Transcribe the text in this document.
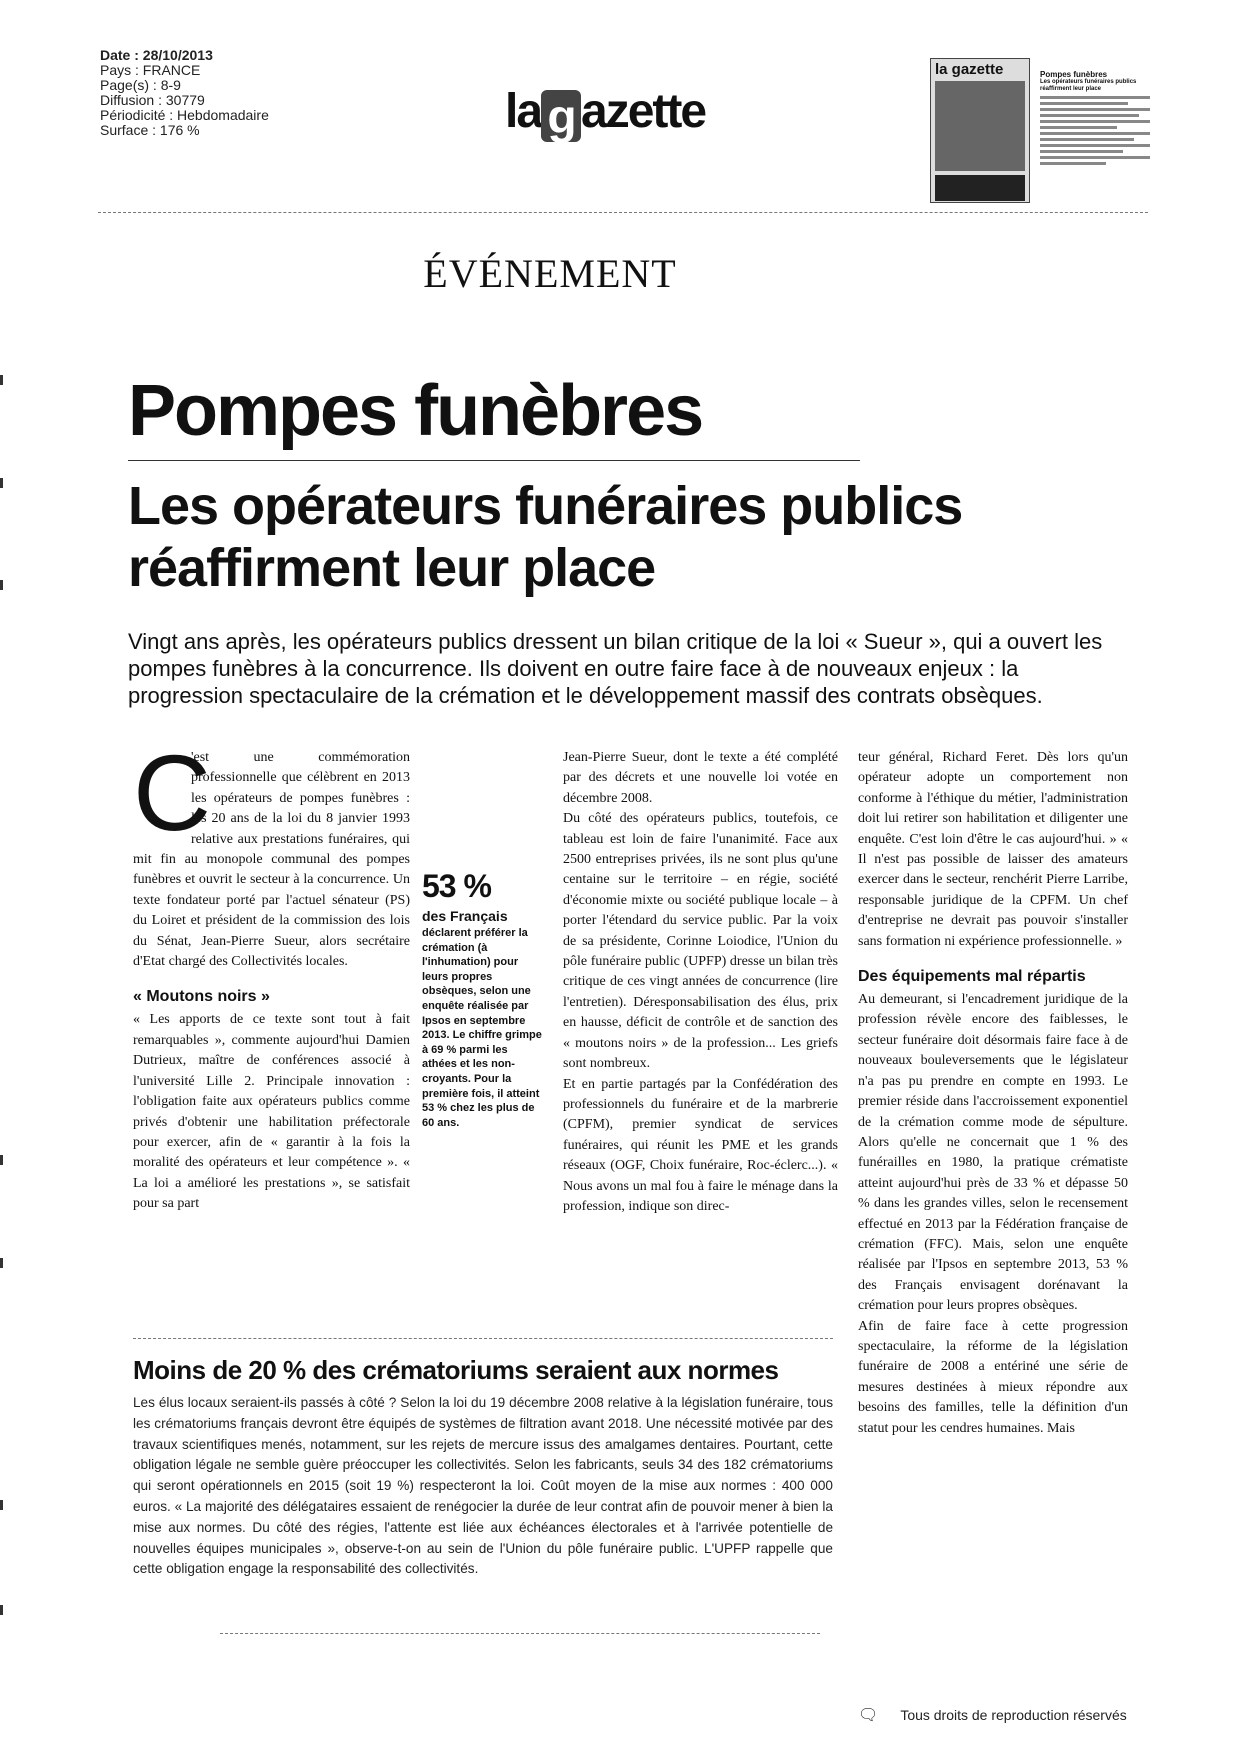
Date : 28/10/2013
Pays : FRANCE
Page(s) : 8-9
Diffusion : 30779
Périodicité : Hebdomadaire
Surface : 176 %	la g azette
la gazette	Pompes funèbres
Les opérateurs funéraires publics réaffirment leur place
ÉVÉNEMENT
Pompes funèbres
Les opérateurs funéraires publics réaffirment leur place
Vingt ans après, les opérateurs publics dressent un bilan critique de la loi « Sueur », qui a ouvert les pompes funèbres à la concurrence. Ils doivent en outre faire face à de nouveaux enjeux : la progression spectaculaire de la crémation et le développement massif des contrats obsèques.
C

'est une commémoration professionnelle que célèbrent en 2013 les opérateurs de pompes funèbres : les 20 ans de la loi du 8 janvier 1993 relative aux prestations funéraires, qui mit fin au monopole communal des pompes funèbres et ouvrit le secteur à la concurrence. Un texte fondateur porté par l'actuel sénateur (PS) du Loiret et président de la commission des lois du Sénat, Jean-Pierre Sueur, alors secrétaire d'Etat chargé des Collectivités locales.

« Moutons noirs »

« Les apports de ce texte sont tout à fait remarquables », commente aujourd'hui Damien Dutrieux, maître de conférences associé à l'université Lille 2. Principale innovation : l'obligation faite aux opérateurs publics comme privés d'obtenir une habilitation préfectorale pour exercer, afin de « garantir à la fois la moralité des opérateurs et leur compétence ». « La loi a amélioré les prestations », se satisfait pour sa part

53 %
des Français
déclarent préférer la crémation (à l'inhumation) pour leurs propres obsèques, selon une enquête réalisée par Ipsos en septembre 2013. Le chiffre grimpe à 69 % parmi les athées et les non-croyants. Pour la première fois, il atteint 53 % chez les plus de 60 ans.

Jean-Pierre Sueur, dont le texte a été complété par des décrets et une nouvelle loi votée en décembre 2008.

Du côté des opérateurs publics, toutefois, ce tableau est loin de faire l'unanimité. Face aux 2500 entreprises privées, ils ne sont plus qu'une centaine sur le territoire – en régie, société d'économie mixte ou société publique locale – à porter l'étendard du service public. Par la voix de sa présidente, Corinne Loiodice, l'Union du pôle funéraire public (UPFP) dresse un bilan très critique de ces vingt années de concurrence (lire l'entretien). Déresponsabilisation des élus, prix en hausse, déficit de contrôle et de sanction des « moutons noirs » de la profession... Les griefs sont nombreux.

Et en partie partagés par la Confédération des professionnels du funéraire et de la marbrerie (CPFM), premier syndicat de services funéraires, qui réunit les PME et les grands réseaux (OGF, Choix funéraire, Roc-éclerc...). « Nous avons un mal fou à faire le ménage dans la profession, indique son direc-

teur général, Richard Feret. Dès lors qu'un opérateur adopte un comportement non conforme à l'éthique du métier, l'administration doit lui retirer son habilitation et diligenter une enquête. C'est loin d'être le cas aujourd'hui. » « Il n'est pas possible de laisser des amateurs exercer dans le secteur, renchérit Pierre Larribe, responsable juridique de la CPFM. Un chef d'entreprise ne devrait pas pouvoir s'installer sans formation ni expérience professionnelle. »

Des équipements mal répartis

Au demeurant, si l'encadrement juridique de la profession révèle encore des faiblesses, le secteur funéraire doit désormais faire face à de nouveaux bouleversements que le législateur n'a pas pu prendre en compte en 1993. Le premier réside dans l'accroissement exponentiel de la crémation comme mode de sépulture. Alors qu'elle ne concernait que 1 % des funérailles en 1980, la pratique crématiste atteint aujourd'hui près de 33 % et dépasse 50 % dans les grandes villes, selon le recensement effectué en 2013 par la Fédération française de crémation (FFC). Mais, selon une enquête réalisée par l'Ipsos en septembre 2013, 53 % des Français envisagent dorénavant la crémation pour leurs propres obsèques.

Afin de faire face à cette progression spectaculaire, la réforme de la législation funéraire de 2008 a entériné une série de mesures destinées à mieux répondre aux besoins des familles, telle la définition d'un statut pour les cendres humaines. Mais

Moins de 20 % des crématoriums seraient aux normes
Les élus locaux seraient-ils passés à côté ? Selon la loi du 19 décembre 2008 relative à la législation funéraire, tous les crématoriums français devront être équipés de systèmes de filtration avant 2018. Une nécessité motivée par des travaux scientifiques menés, notamment, sur les rejets de mercure issus des amalgames dentaires. Pourtant, cette obligation légale ne semble guère préoccuper les collectivités. Selon les fabricants, seuls 34 des 182 crématoriums qui seront opérationnels en 2015 (soit 19 %) respecteront la loi. Coût moyen de la mise aux normes : 400 000 euros. « La majorité des délégataires essaient de renégocier la durée de leur contrat afin de pouvoir mener à bien la mise aux normes. Du côté des régies, l'attente est liée aux échéances électorales et à l'arrivée potentielle de nouvelles équipes municipales », observe-t-on au sein de l'Union du pôle funéraire public. L'UPFP rappelle que cette obligation engage la responsabilité des collectivités.
🗨 Tous droits de reproduction réservés
